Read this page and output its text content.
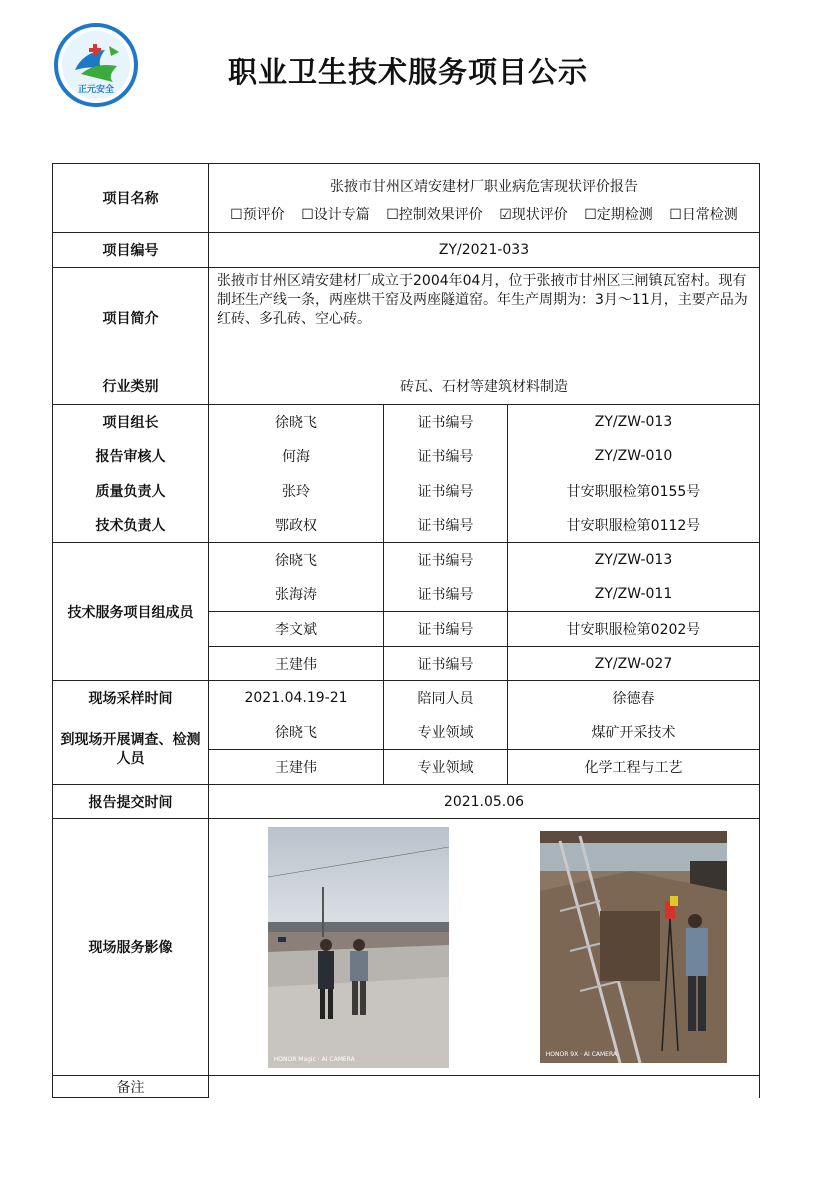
正元安全
职业卫生技术服务项目公示
项目名称	张掖市甘州区靖安建材厂职业病危害现状评价报告
☐预评价 ☐设计专篇 ☐控制效果评价 ☑现状评价 ☐定期检测 ☐日常检测		

项目编号	ZY/2021-033		
项目简介	张掖市甘州区靖安建材厂成立于2004年04月，位于张掖市甘州区三闸镇瓦窑村。现有制坯生产线一条，两座烘干窑及两座隧道窑。年生产周期为：3月～11月，主要产品为红砖、多孔砖、空心砖。		
行业类别	砖瓦、石材等建筑材料制造		
项目组长	徐晓飞	证书编号	ZY/ZW-013
报告审核人	何海	证书编号	ZY/ZW-010
质量负责人	张玲	证书编号	甘安职服检第0155号
技术负责人	鄂政权	证书编号	甘安职服检第0112号
技术服务项目组成员	徐晓飞	证书编号	ZY/ZW-013
	张海涛	证书编号	ZY/ZW-011
	李文斌	证书编号	甘安职服检第0202号
	王建伟	证书编号	ZY/ZW-027
现场采样时间	2021.04.19-21	陪同人员	徐德春
到现场开展调查、检测人员	徐晓飞	专业领域	煤矿开采技术
	王建伟	专业领域	化学工程与工艺
报告提交时间	2021.05.06		
现场服务影像	HONOR Magic · AI CAMERA		HONOR 9X · AI CAMERA

备注			
